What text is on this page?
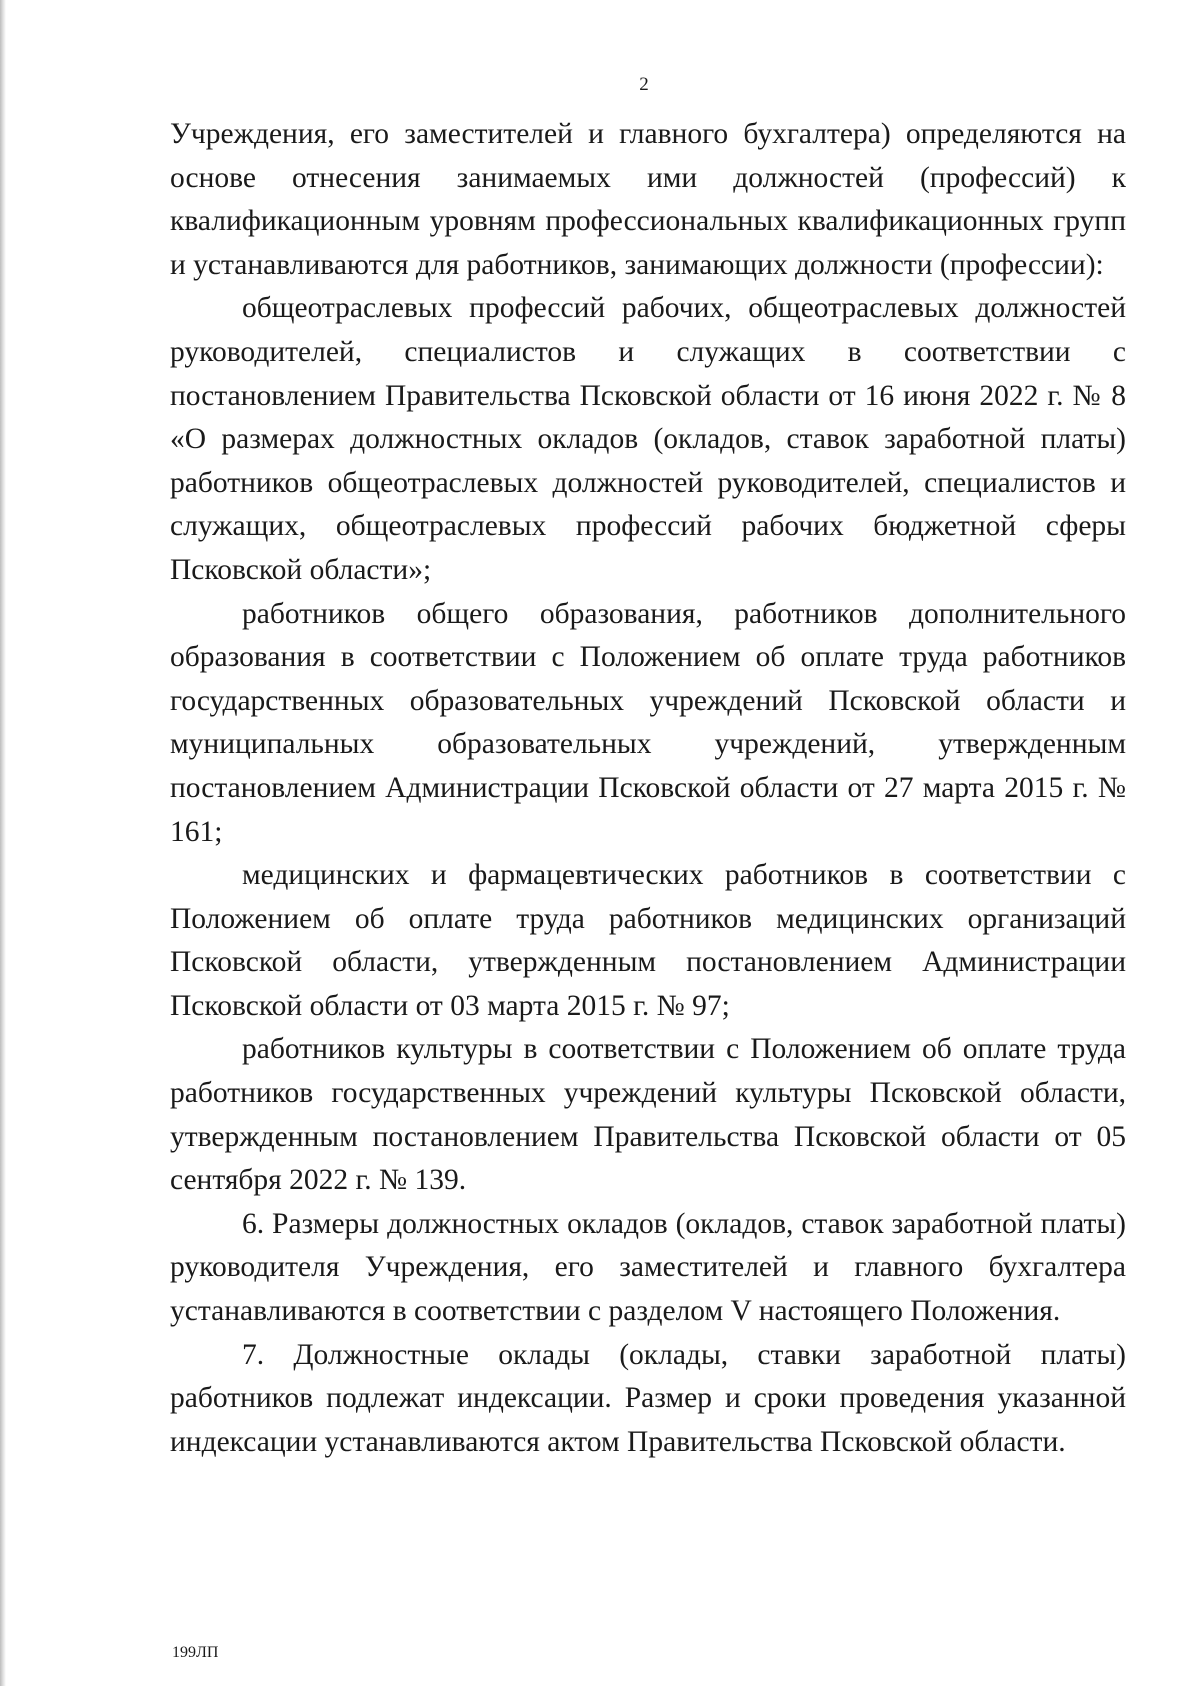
2

Учреждения, его заместителей и главного бухгалтера) определяются на основе отнесения занимаемых ими должностей (профессий) к квалификационным уровням профессиональных квалификационных групп и устанавливаются для работников, занимающих должности (профессии):

общеотраслевых профессий рабочих, общеотраслевых должностей руководителей, специалистов и служащих в соответствии с постановлением Правительства Псковской области от 16 июня 2022 г. № 8 «О размерах должностных окладов (окладов, ставок заработной платы) работников общеотраслевых должностей руководителей, специалистов и служащих, общеотраслевых профессий рабочих бюджетной сферы Псковской области»;

работников общего образования, работников дополнительного образования в соответствии с Положением об оплате труда работников государственных образовательных учреждений Псковской области и муниципальных образовательных учреждений, утвержденным постановлением Администрации Псковской области от 27 марта 2015 г. № 161;

медицинских и фармацевтических работников в соответствии с Положением об оплате труда работников медицинских организаций Псковской области, утвержденным постановлением Администрации Псковской области от 03 марта 2015 г. № 97;

работников культуры в соответствии с Положением об оплате труда работников государственных учреждений культуры Псковской области, утвержденным постановлением Правительства Псковской области от 05 сентября 2022 г. № 139.

6. Размеры должностных окладов (окладов, ставок заработной платы) руководителя Учреждения, его заместителей и главного бухгалтера устанавливаются в соответствии с разделом V настоящего Положения.

7. Должностные оклады (оклады, ставки заработной платы) работников подлежат индексации. Размер и сроки проведения указанной индексации устанавливаются актом Правительства Псковской области.

199ЛП
